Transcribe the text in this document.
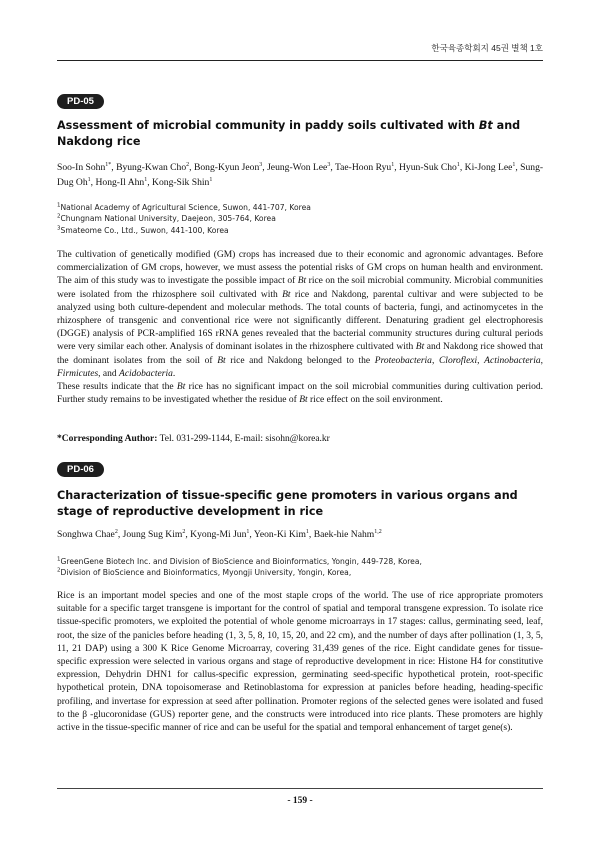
한국육종학회지 45권 별책 1호
PD-05
Assessment of microbial community in paddy soils cultivated with Bt and Nakdong rice
Soo-In Sohn$^{1*}$, Byung-Kwan Cho$^2$, Bong-Kyun Jeon$^3$, Jeung-Won Lee$^3$, Tae-Hoon Ryu$^1$, Hyun-Suk Cho$^1$, Ki-Jong Lee$^1$, Sung-Dug Oh$^1$, Hong-Il Ahn$^1$, Kong-Sik Shin$^1$
$^1$National Academy of Agricultural Science, Suwon, 441-707, Korea
$^2$Chungnam National University, Daejeon, 305-764, Korea
$^3$Smateome Co., Ltd., Suwon, 441-100, Korea

The cultivation of genetically modified (GM) crops has increased due to their economic and agronomic advantages. Before commercialization of GM crops, however, we must assess the potential risks of GM crops on human health and environment. The aim of this study was to investigate the possible impact of Bt rice on the soil microbial community. Microbial communities were isolated from the rhizosphere soil cultivated with Bt rice and Nakdong, parental cultivar and were subjected to be analyzed using both culture-dependent and molecular methods. The total counts of bacteria, fungi, and actinomycetes in the rhizosphere of transgenic and conventional rice were not significantly different. Denaturing gradient gel electrophoresis (DGGE) analysis of PCR-amplified 16S rRNA genes revealed that the bacterial community structures during cultural periods were very similar each other. Analysis of dominant isolates in the rhizosphere cultivated with Bt and Nakdong rice showed that the dominant isolates from the soil of Bt rice and Nakdong belonged to the Proteobacteria, Cloroflexi, Actinobacteria, Firmicutes, and Acidobacteria.

These results indicate that the Bt rice has no significant impact on the soil microbial communities during cultivation period. Further study remains to be investigated whether the residue of Bt rice effect on the soil environment.

*Corresponding Author: Tel. 031-299-1144, E-mail: sisohn@korea.kr
PD-06
Characterization of tissue-specific gene promoters in various organs and stage of reproductive development in rice
Songhwa Chae$^2$, Joung Sug Kim$^2$, Kyong-Mi Jun$^1$, Yeon-Ki Kim$^1$, Baek-hie Nahm$^{1,2}$
$^1$GreenGene Biotech Inc. and Division of BioScience and Bioinformatics, Yongin, 449-728, Korea,
$^2$Division of BioScience and Bioinformatics, Myongji University, Yongin, Korea,

Rice is an important model species and one of the most staple crops of the world. The use of rice appropriate promoters suitable for a specific target transgene is important for the control of spatial and temporal transgene expression. To isolate rice tissue-specific promoters, we exploited the potential of whole genome microarrays in 17 stages: callus, germinating seed, leaf, root, the size of the panicles before heading (1, 3, 5, 8, 10, 15, 20, and 22 cm), and the number of days after pollination (1, 3, 5, 11, 21 DAP) using a 300 K Rice Genome Microarray, covering 31,439 genes of the rice. Eight candidate genes for tissue-specific expression were selected in various organs and stage of reproductive development in rice: Histone H4 for constitutive expression, Dehydrin DHN1 for callus-specific expression, germinating seed-specific hypothetical protein, root-specific hypothetical protein, DNA topoisomerase and Retinoblastoma for expression at panicles before heading, heading-specific profiling, and invertase for expression at seed after pollination. Promoter regions of the selected genes were isolated and fused to the β -glucoronidase (GUS) reporter gene, and the constructs were introduced into rice plants. These promoters are highly active in the tissue-specific manner of rice and can be useful for the spatial and temporal enhancement of target gene(s).

- 159 -
